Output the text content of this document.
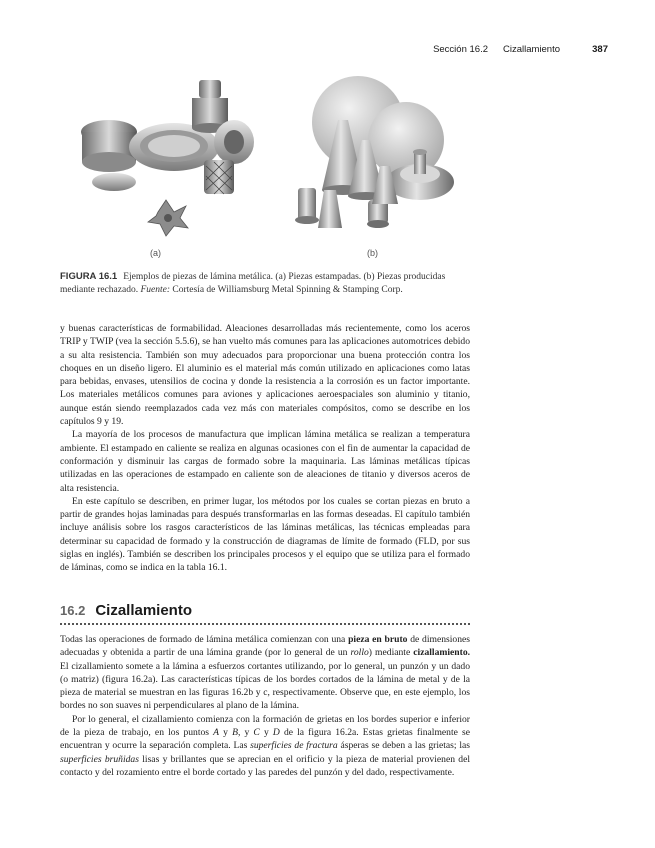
Sección 16.2 Cizallamiento	387
(a)	(b)
FIGURA 16.1 Ejemplos de piezas de lámina metálica. (a) Piezas estampadas. (b) Piezas producidas mediante rechazado. Fuente: Cortesía de Williamsburg Metal Spinning & Stamping Corp.

y buenas características de formabilidad. Aleaciones desarrolladas más recientemente, como los aceros TRIP y TWIP (vea la sección 5.5.6), se han vuelto más comunes para las aplicaciones automotrices debido a su alta resistencia. También son muy adecuados para proporcionar una buena protección contra los choques en un diseño ligero. El aluminio es el material más común utilizado en aplicaciones como latas para bebidas, envases, utensilios de cocina y donde la resistencia a la corrosión es un factor importante. Los materiales metálicos comunes para aviones y aplicaciones aeroespaciales son aluminio y titanio, aunque están siendo reemplazados cada vez más con materiales compósitos, como se describe en los capítulos 9 y 19.

La mayoría de los procesos de manufactura que implican lámina metálica se realizan a temperatura ambiente. El estampado en caliente se realiza en algunas ocasiones con el fin de aumentar la capacidad de conformación y disminuir las cargas de formado sobre la maquinaria. Las láminas metálicas típicas utilizadas en las operaciones de estampado en caliente son de aleaciones de titanio y diversos aceros de alta resistencia.

En este capítulo se describen, en primer lugar, los métodos por los cuales se cortan piezas en bruto a partir de grandes hojas laminadas para después transformarlas en las formas deseadas. El capítulo también incluye análisis sobre los rasgos característicos de las láminas metálicas, las técnicas empleadas para determinar su capacidad de formado y la construcción de diagramas de límite de formado (FLD, por sus siglas en inglés). También se describen los principales procesos y el equipo que se utiliza para el formado de láminas, como se indica en la tabla 16.1.

16.2 Cizallamiento

Todas las operaciones de formado de lámina metálica comienzan con una pieza en bruto de dimensiones adecuadas y obtenida a partir de una lámina grande (por lo general de un rollo) mediante cizallamiento. El cizallamiento somete a la lámina a esfuerzos cortantes utilizando, por lo general, un punzón y un dado (o matriz) (figura 16.2a). Las características típicas de los bordes cortados de la lámina de metal y de la pieza de material se muestran en las figuras 16.2b y c, respectivamente. Observe que, en este ejemplo, los bordes no son suaves ni perpendiculares al plano de la lámina.

Por lo general, el cizallamiento comienza con la formación de grietas en los bordes superior e inferior de la pieza de trabajo, en los puntos A y B, y C y D de la figura 16.2a. Estas grietas finalmente se encuentran y ocurre la separación completa. Las superficies de fractura ásperas se deben a las grietas; las superficies bruñidas lisas y brillantes que se aprecian en el orificio y la pieza de material provienen del contacto y del rozamiento entre el borde cortado y las paredes del punzón y del dado, respectivamente.
